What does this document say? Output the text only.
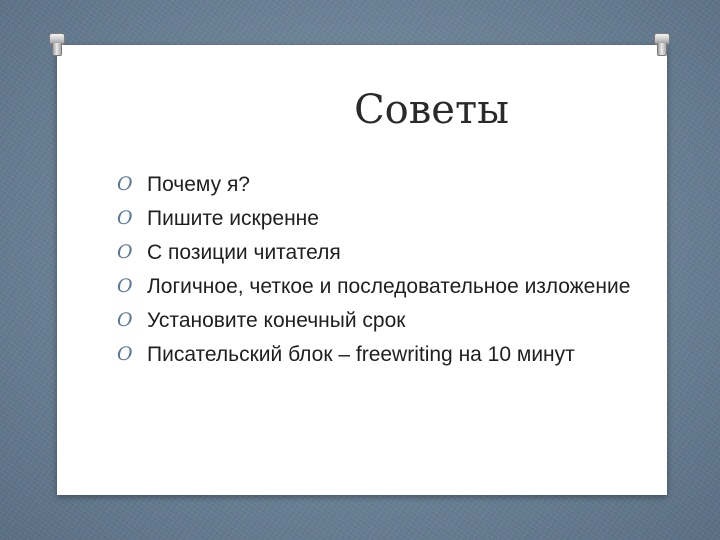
Советы
O Почему я?
O Пишите искренне
O С позиции читателя
O Логичное, четкое и последовательное изложение
O Установите конечный срок
O Писательский блок – freewriting на 10 минут
